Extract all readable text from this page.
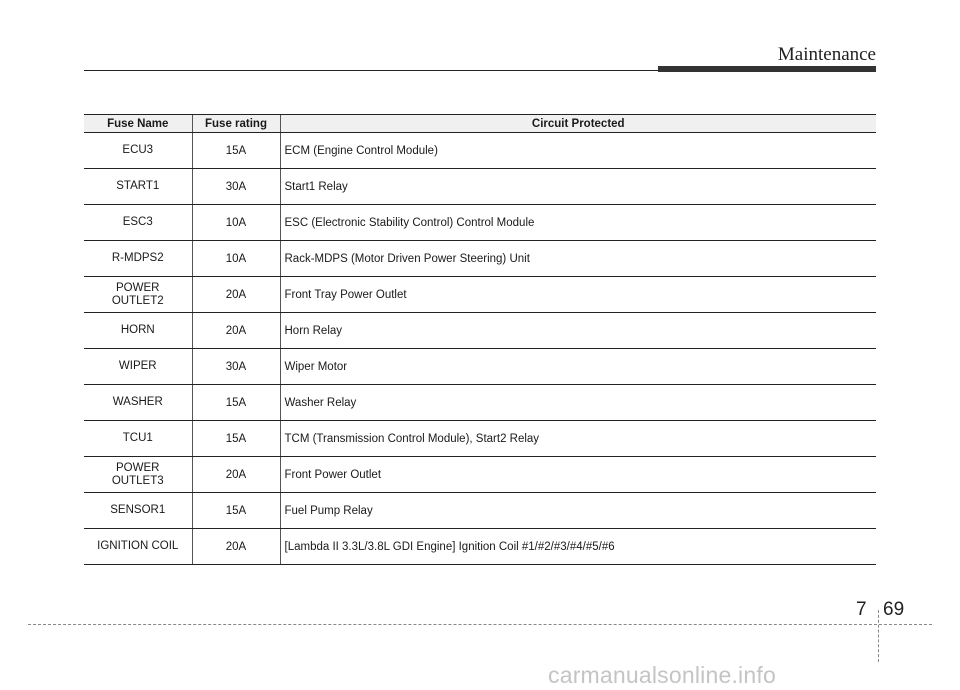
Maintenance
Fuse Name	Fuse rating	Circuit Protected
ECU3	15A	ECM (Engine Control Module)
START1	30A	Start1 Relay
ESC3	10A	ESC (Electronic Stability Control) Control Module
R-MDPS2	10A	Rack-MDPS (Motor Driven Power Steering) Unit
POWER
OUTLET2	20A	Front Tray Power Outlet
HORN	20A	Horn Relay
WIPER	30A	Wiper Motor
WASHER	15A	Washer Relay
TCU1	15A	TCM (Transmission Control Module), Start2 Relay
POWER
OUTLET3	20A	Front Power Outlet
SENSOR1	15A	Fuel Pump Relay
IGNITION COIL	20A	[Lambda II 3.3L/3.8L GDI Engine] Ignition Coil #1/#2/#3/#4/#5/#6
7 69
carmanualsonline.info
